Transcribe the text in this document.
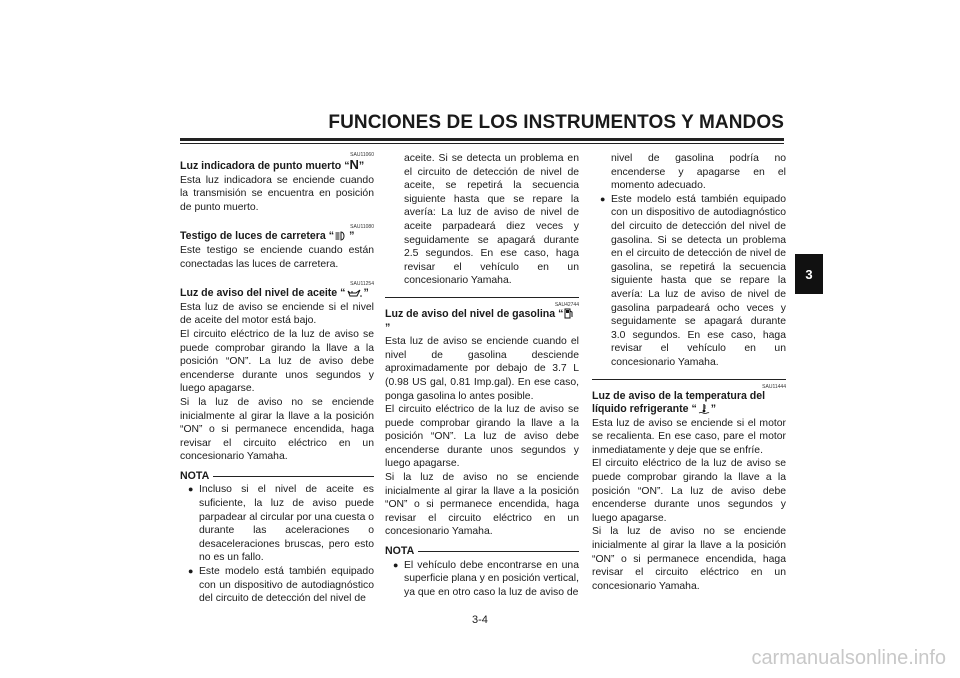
FUNCIONES DE LOS INSTRUMENTOS Y MANDOS
3
SAU11060
Luz indicadora de punto muerto “N”

Esta luz indicadora se enciende cuando la transmisión se encuentra en posición de punto muerto.

SAU11080
Testigo de luces de carretera “ ”

Este testigo se enciende cuando están conectadas las luces de carretera.

SAU11254
Luz de aviso del nivel de aceite “ ”

Esta luz de aviso se enciende si el nivel de aceite del motor está bajo.

El circuito eléctrico de la luz de aviso se puede comprobar girando la llave a la posición “ON”. La luz de aviso debe encenderse durante unos segundos y luego apagarse.

Si la luz de aviso no se enciende inicialmente al girar la llave a la posición “ON” o si permanece encendida, haga revisar el circuito eléctrico en un concesionario Yamaha.

NOTA
● Incluso si el nivel de aceite es suficiente, la luz de aviso puede parpadear al circular por una cuesta o durante las aceleraciones o desaceleraciones bruscas, pero esto no es un fallo.

● Este modelo está también equipado con un dispositivo de autodiagnóstico del circuito de detección del nivel de

aceite. Si se detecta un problema en el circuito de detección de nivel de aceite, se repetirá la secuencia siguiente hasta que se repare la avería: La luz de aviso de nivel de aceite parpadeará diez veces y seguidamente se apagará durante 2.5 segundos. En ese caso, haga revisar el vehículo en un concesionario Yamaha.

SAU42744
Luz de aviso del nivel de gasolina “”

Esta luz de aviso se enciende cuando el nivel de gasolina desciende aproximadamente por debajo de 3.7 L (0.98 US gal, 0.81 Imp.gal). En ese caso, ponga gasolina lo antes posible.

El circuito eléctrico de la luz de aviso se puede comprobar girando la llave a la posición “ON”. La luz de aviso debe encenderse durante unos segundos y luego apagarse.

Si la luz de aviso no se enciende inicialmente al girar la llave a la posición “ON” o si permanece encendida, haga revisar el circuito eléctrico en un concesionario Yamaha.

NOTA
● El vehículo debe encontrarse en una superficie plana y en posición vertical, ya que en otro caso la luz de aviso de

nivel de gasolina podría no encenderse y apagarse en el momento adecuado.

● Este modelo está también equipado con un dispositivo de autodiagnóstico del circuito de detección del nivel de gasolina. Si se detecta un problema en el circuito de detección de nivel de gasolina, se repetirá la secuencia siguiente hasta que se repare la avería: La luz de aviso de nivel de gasolina parpadeará ocho veces y seguidamente se apagará durante 3.0 segundos. En ese caso, haga revisar el vehículo en un concesionario Yamaha.

SAU11444
Luz de aviso de la temperatura del líquido refrigerante “ ”

Esta luz de aviso se enciende si el motor se recalienta. En ese caso, pare el motor inmediatamente y deje que se enfríe.

El circuito eléctrico de la luz de aviso se puede comprobar girando la llave a la posición “ON”. La luz de aviso debe encenderse durante unos segundos y luego apagarse.

Si la luz de aviso no se enciende inicialmente al girar la llave a la posición “ON” o si permanece encendida, haga revisar el circuito eléctrico en un concesionario Yamaha.

3-4
carmanualsonline.info
